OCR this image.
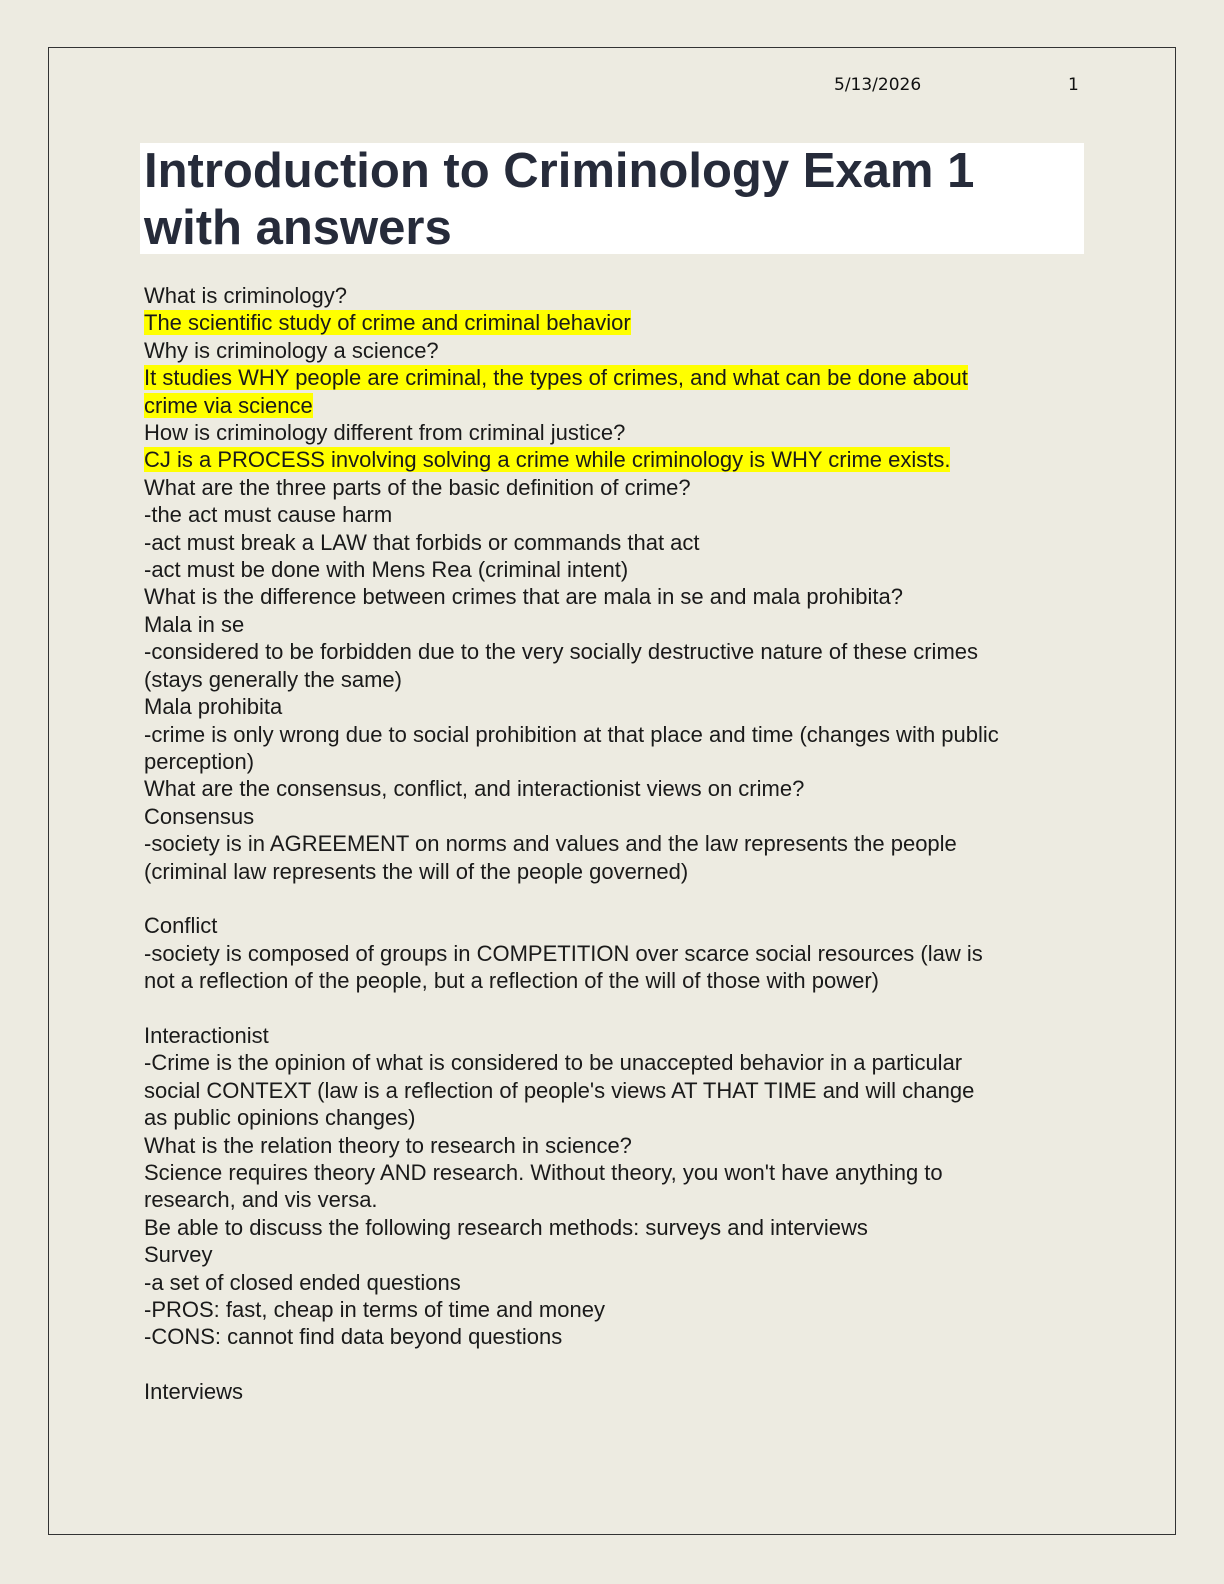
5/13/2026	1
Introduction to Criminology Exam 1 with answers
What is criminology?
The scientific study of crime and criminal behavior
Why is criminology a science?
It studies WHY people are criminal, the types of crimes, and what can be done about
crime via science
How is criminology different from criminal justice?
CJ is a PROCESS involving solving a crime while criminology is WHY crime exists.
What are the three parts of the basic definition of crime?
-the act must cause harm
-act must break a LAW that forbids or commands that act
-act must be done with Mens Rea (criminal intent)
What is the difference between crimes that are mala in se and mala prohibita?
Mala in se
-considered to be forbidden due to the very socially destructive nature of these crimes
(stays generally the same)
Mala prohibita
-crime is only wrong due to social prohibition at that place and time (changes with public
perception)
What are the consensus, conflict, and interactionist views on crime?
Consensus
-society is in AGREEMENT on norms and values and the law represents the people
(criminal law represents the will of the people governed)
Conflict
-society is composed of groups in COMPETITION over scarce social resources (law is
not a reflection of the people, but a reflection of the will of those with power)
Interactionist
-Crime is the opinion of what is considered to be unaccepted behavior in a particular
social CONTEXT (law is a reflection of people's views AT THAT TIME and will change
as public opinions changes)
What is the relation theory to research in science?
Science requires theory AND research. Without theory, you won't have anything to
research, and vis versa.
Be able to discuss the following research methods: surveys and interviews
Survey
-a set of closed ended questions
-PROS: fast, cheap in terms of time and money
-CONS: cannot find data beyond questions
Interviews
